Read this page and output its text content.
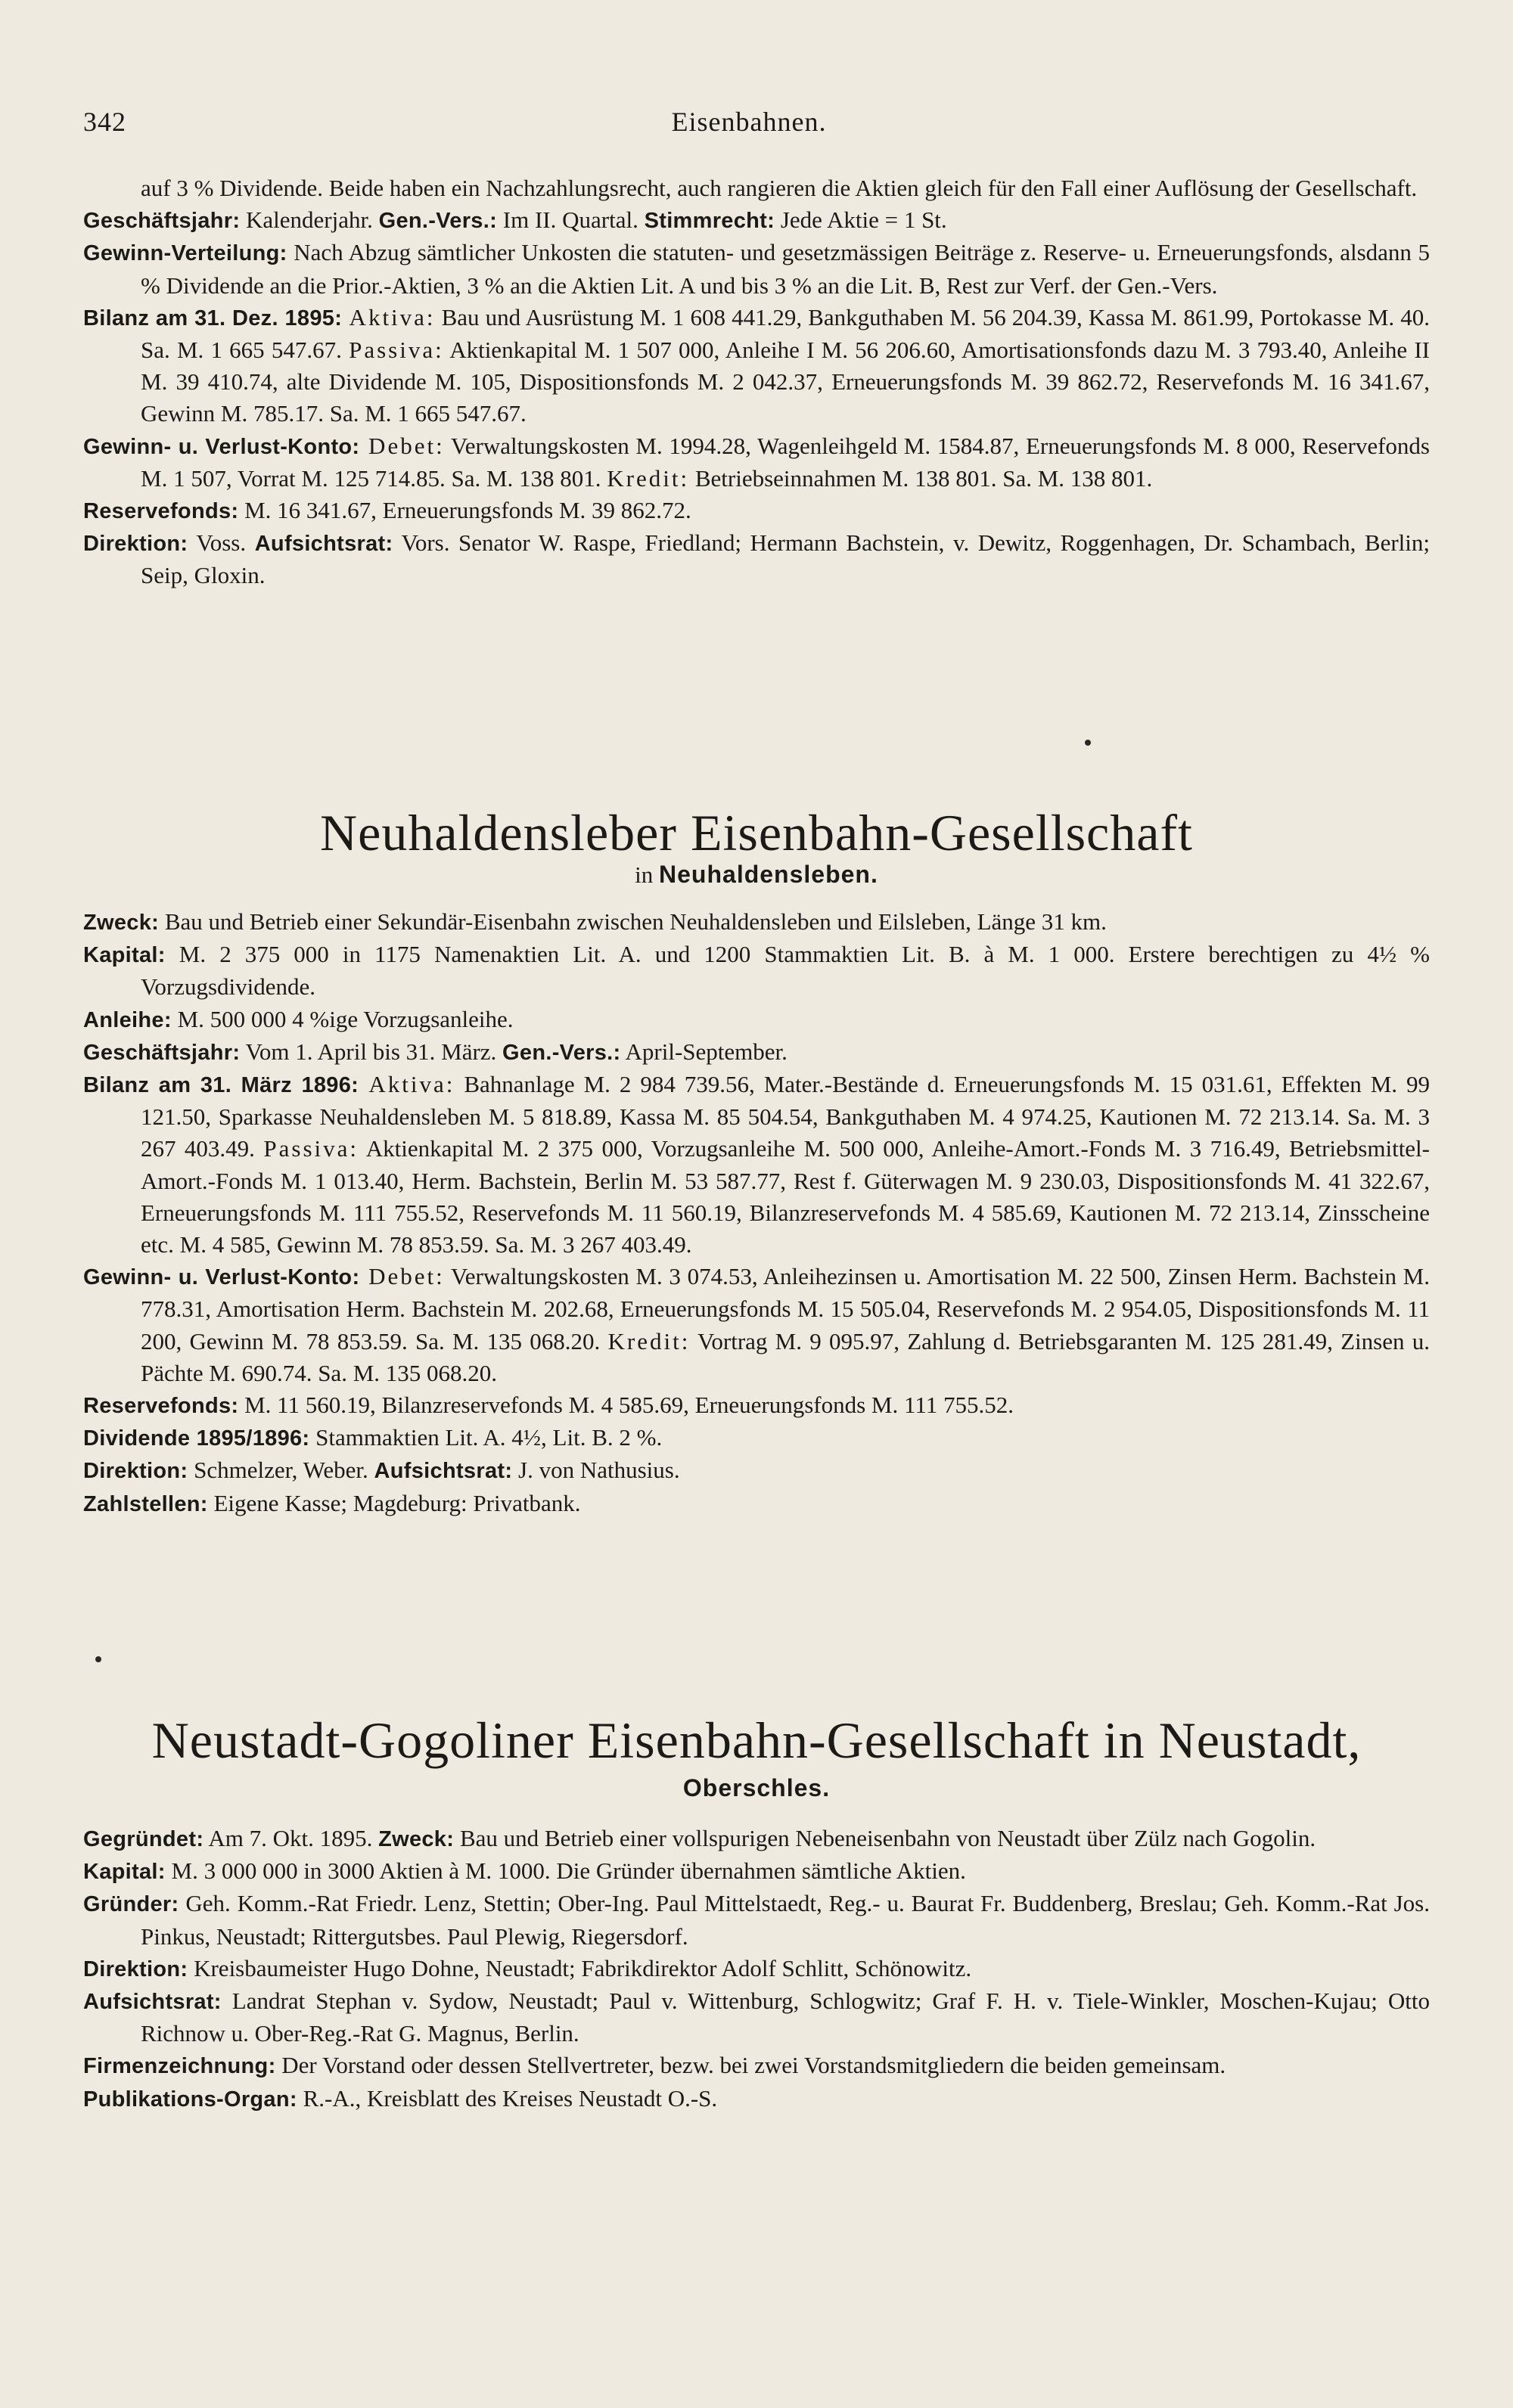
342	Eisenbahnen.

auf 3 % Dividende. Beide haben ein Nachzahlungsrecht, auch rangieren die Aktien gleich für den Fall einer Auflösung der Gesellschaft.

Geschäftsjahr: Kalenderjahr. Gen.-Vers.: Im II. Quartal. Stimmrecht: Jede Aktie = 1 St.

Gewinn-Verteilung: Nach Abzug sämtlicher Unkosten die statuten- und gesetzmässigen Beiträge z. Reserve- u. Erneuerungsfonds, alsdann 5 % Dividende an die Prior.-Aktien, 3 % an die Aktien Lit. A und bis 3 % an die Lit. B, Rest zur Verf. der Gen.-Vers.

Bilanz am 31. Dez. 1895: Aktiva: Bau und Ausrüstung M. 1 608 441.29, Bankguthaben M. 56 204.39, Kassa M. 861.99, Portokasse M. 40. Sa. M. 1 665 547.67. Passiva: Aktienkapital M. 1 507 000, Anleihe I M. 56 206.60, Amortisationsfonds dazu M. 3 793.40, Anleihe II M. 39 410.74, alte Dividende M. 105, Dispositionsfonds M. 2 042.37, Erneuerungsfonds M. 39 862.72, Reservefonds M. 16 341.67, Gewinn M. 785.17. Sa. M. 1 665 547.67.

Gewinn- u. Verlust-Konto: Debet: Verwaltungskosten M. 1994.28, Wagenleihgeld M. 1584.87, Erneuerungsfonds M. 8 000, Reservefonds M. 1 507, Vorrat M. 125 714.85. Sa. M. 138 801. Kredit: Betriebseinnahmen M. 138 801. Sa. M. 138 801.

Reservefonds: M. 16 341.67, Erneuerungsfonds M. 39 862.72.

Direktion: Voss. Aufsichtsrat: Vors. Senator W. Raspe, Friedland; Hermann Bachstein, v. Dewitz, Roggenhagen, Dr. Schambach, Berlin; Seip, Gloxin.

Neuhaldensleber Eisenbahn-Gesellschaft
in Neuhaldensleben.

Zweck: Bau und Betrieb einer Sekundär-Eisenbahn zwischen Neuhaldensleben und Eilsleben, Länge 31 km.

Kapital: M. 2 375 000 in 1175 Namenaktien Lit. A. und 1200 Stammaktien Lit. B. à M. 1 000. Erstere berechtigen zu 4½ % Vorzugsdividende.

Anleihe: M. 500 000 4 %ige Vorzugsanleihe.

Geschäftsjahr: Vom 1. April bis 31. März. Gen.-Vers.: April-September.

Bilanz am 31. März 1896: Aktiva: Bahnanlage M. 2 984 739.56, Mater.-Bestände d. Erneuerungsfonds M. 15 031.61, Effekten M. 99 121.50, Sparkasse Neuhaldensleben M. 5 818.89, Kassa M. 85 504.54, Bankguthaben M. 4 974.25, Kautionen M. 72 213.14. Sa. M. 3 267 403.49. Passiva: Aktienkapital M. 2 375 000, Vorzugsanleihe M. 500 000, Anleihe-Amort.-Fonds M. 3 716.49, Betriebsmittel-Amort.-Fonds M. 1 013.40, Herm. Bachstein, Berlin M. 53 587.77, Rest f. Güterwagen M. 9 230.03, Dispositionsfonds M. 41 322.67, Erneuerungsfonds M. 111 755.52, Reservefonds M. 11 560.19, Bilanzreservefonds M. 4 585.69, Kautionen M. 72 213.14, Zinsscheine etc. M. 4 585, Gewinn M. 78 853.59. Sa. M. 3 267 403.49.

Gewinn- u. Verlust-Konto: Debet: Verwaltungskosten M. 3 074.53, Anleihezinsen u. Amortisation M. 22 500, Zinsen Herm. Bachstein M. 778.31, Amortisation Herm. Bachstein M. 202.68, Erneuerungsfonds M. 15 505.04, Reservefonds M. 2 954.05, Dispositionsfonds M. 11 200, Gewinn M. 78 853.59. Sa. M. 135 068.20. Kredit: Vortrag M. 9 095.97, Zahlung d. Betriebsgaranten M. 125 281.49, Zinsen u. Pächte M. 690.74. Sa. M. 135 068.20.

Reservefonds: M. 11 560.19, Bilanzreservefonds M. 4 585.69, Erneuerungsfonds M. 111 755.52.

Dividende 1895/1896: Stammaktien Lit. A. 4½, Lit. B. 2 %.

Direktion: Schmelzer, Weber. Aufsichtsrat: J. von Nathusius.

Zahlstellen: Eigene Kasse; Magdeburg: Privatbank.

Neustadt-Gogoliner Eisenbahn-Gesellschaft in Neustadt,
Oberschles.

Gegründet: Am 7. Okt. 1895. Zweck: Bau und Betrieb einer vollspurigen Nebeneisenbahn von Neustadt über Zülz nach Gogolin.

Kapital: M. 3 000 000 in 3000 Aktien à M. 1000. Die Gründer übernahmen sämtliche Aktien.

Gründer: Geh. Komm.-Rat Friedr. Lenz, Stettin; Ober-Ing. Paul Mittelstaedt, Reg.- u. Baurat Fr. Buddenberg, Breslau; Geh. Komm.-Rat Jos. Pinkus, Neustadt; Rittergutsbes. Paul Plewig, Riegersdorf.

Direktion: Kreisbaumeister Hugo Dohne, Neustadt; Fabrikdirektor Adolf Schlitt, Schönowitz.

Aufsichtsrat: Landrat Stephan v. Sydow, Neustadt; Paul v. Wittenburg, Schlogwitz; Graf F. H. v. Tiele-Winkler, Moschen-Kujau; Otto Richnow u. Ober-Reg.-Rat G. Magnus, Berlin.

Firmenzeichnung: Der Vorstand oder dessen Stellvertreter, bezw. bei zwei Vorstandsmitgliedern die beiden gemeinsam.

Publikations-Organ: R.-A., Kreisblatt des Kreises Neustadt O.-S.
